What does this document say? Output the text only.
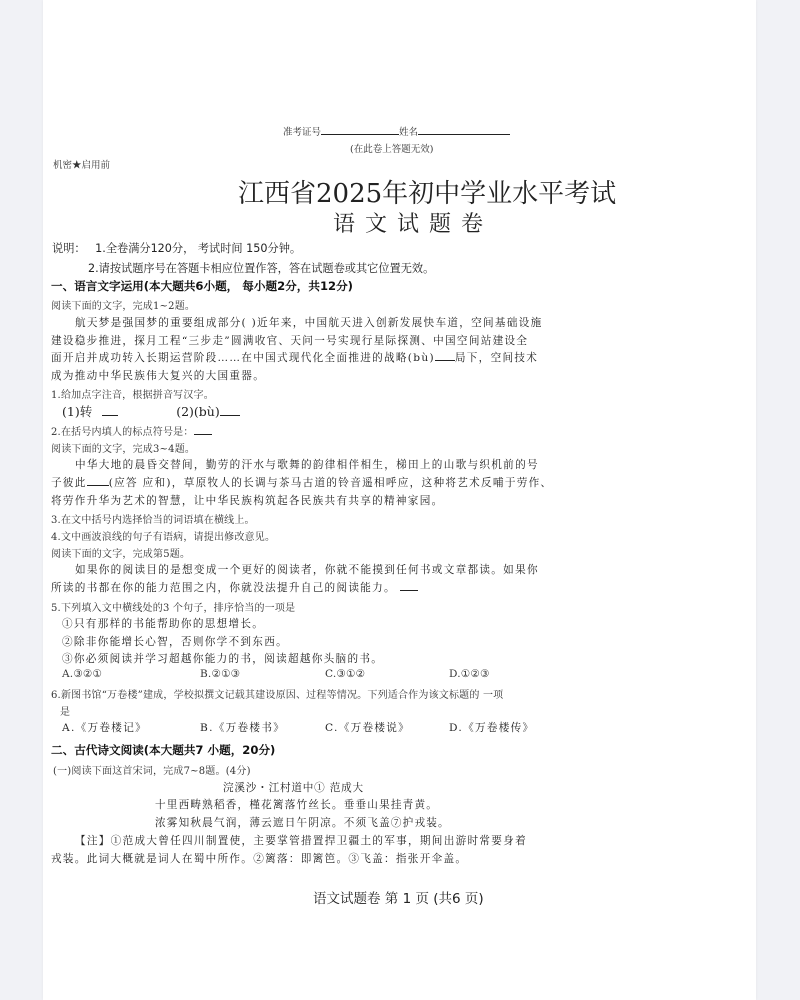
准考证号	姓名
(在此卷上答题无效)
机密★启用前
江西省2025年初中学业水平考试
语文试题卷
说明： 1.全卷满分120分， 考试时间 150分钟。
2.请按试题序号在答题卡相应位置作答，答在试题卷或其它位置无效。
一、语言文字运用(本大题共6小题， 每小题2分，共12分)
阅读下面的文字，完成1~2题。
航天梦是强国梦的重要组成部分( )近年来，中国航天进入创新发展快车道，空间基础设施
建设稳步推进，探月工程“三步走”圆满收官、天问一号实现行星际探测、中国空间站建设全
面开启并成功转入长期运营阶段……在中国式现代化全面推进的战略(bù) 局下，空间技术
成为推动中华民族伟大复兴的大国重器。
1.给加点字注音，根据拼音写汉字。
(1)转	(2)(bù)
2.在括号内填人的标点符号是：
阅读下面的文字，完成3~4题。
中华大地的晨昏交替间，勤劳的汗水与歌舞的韵律相伴相生，梯田上的山歌与织机前的号
子彼此 (应答 应和)，草原牧人的长调与茶马古道的铃音遥相呼应，这种将艺术反哺于劳作、
将劳作升华为艺术的智慧，让中华民族构筑起各民族共有共享的精神家园。
3.在文中括号内选择恰当的词语填在横线上。
4.文中画波浪线的句子有语病，请提出修改意见。
阅读下面的文字，完成第5题。
如果你的阅读目的是想变成一个更好的阅读者，你就不能摸到任何书或文章都读。如果你
所读的书都在你的能力范围之内，你就没法提升自己的阅读能力。
5.下列填入文中横线处的3 个句子，排序恰当的一项是
①只有那样的书能帮助你的思想增长。
②除非你能增长心智，否则你学不到东西。
③你必须阅读并学习超越你能力的书，阅读超越你头脑的书。
A.③②①	B.②①③	C.③①②	D.①②③
6.新图书馆“万卷楼”建成，学校拟撰文记载其建设原因、过程等情况。下列适合作为该文标题的 一项
是
A.《万卷楼记》	B.《万卷楼书》	C.《万卷楼说》	D.《万卷楼传》
二、古代诗文阅读(本大题共7 小题，20分)
(一)阅读下面这首宋词，完成7~8题。(4分)
浣溪沙・江村道中① 范成大
十里西畴熟稻香，槿花篱落竹丝长。垂垂山果挂青黄。
浓雾知秋晨气润，薄云遮日午阴凉。不须飞盖⑦护戎装。
【注】①范成大曾任四川制置使，主要掌管措置捍卫疆土的军事，期间出游时常要身着
戎装。此词大概就是词人在蜀中所作。②篱落：即篱笆。③飞盖：指张开伞盖。
语文试题卷 第 1 页 (共6 页)
